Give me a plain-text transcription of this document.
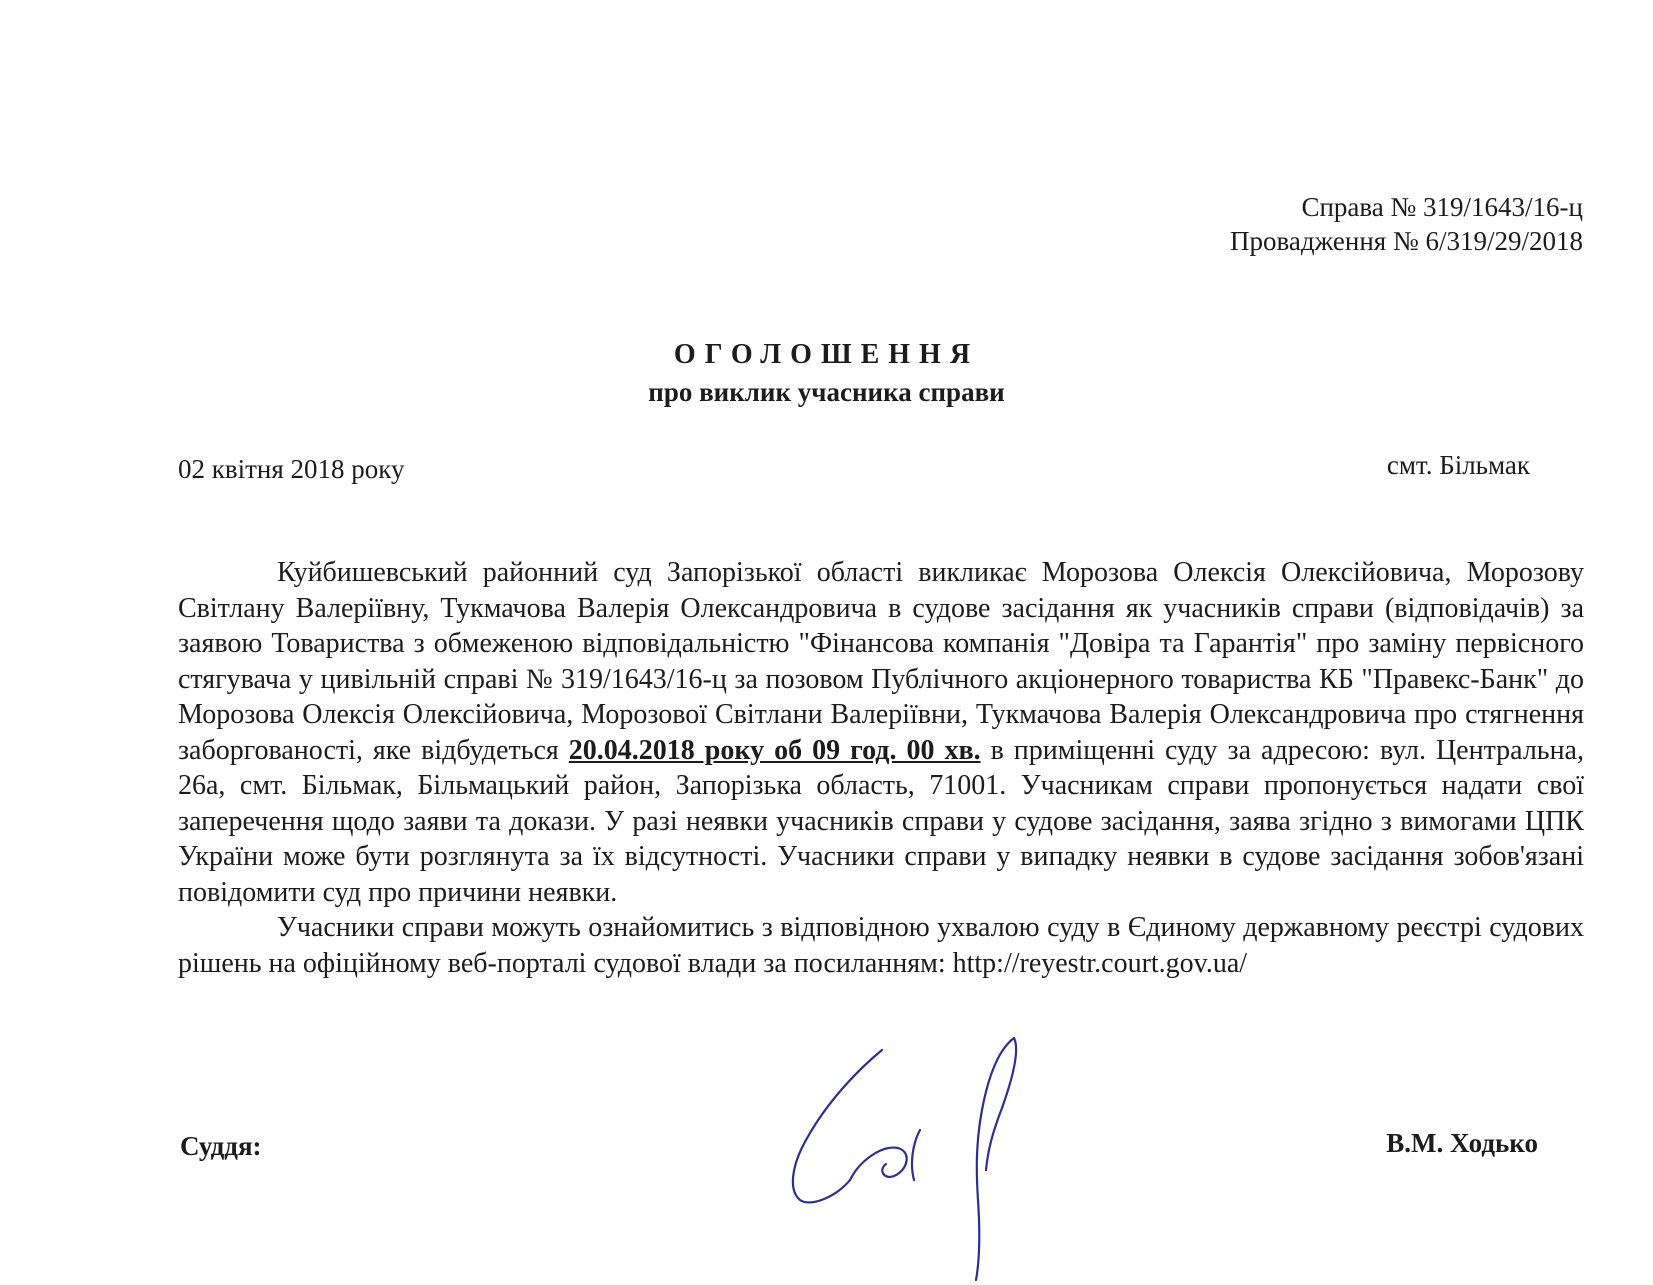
Справа № 319/1643/16-ц
Провадження № 6/319/29/2018
ОГОЛОШЕННЯ
про виклик учасника справи
02 квітня 2018 року	смт. Більмак

Куйбишевський районний суд Запорізької області викликає Морозова Олексія Олексійовича, Морозову Світлану Валеріївну, Тукмачова Валерія Олександровича в судове засідання як учасників справи (відповідачів) за заявою Товариства з обмеженою відповідальністю "Фінансова компанія "Довіра та Гарантія" про заміну первісного стягувача у цивільній справі № 319/1643/16-ц за позовом Публічного акціонерного товариства КБ "Правекс-Банк" до Морозова Олексія Олексійовича, Морозової Світлани Валеріївни, Тукмачова Валерія Олександровича про стягнення заборгованості, яке відбудеться 20.04.2018 року об 09 год. 00 хв. в приміщенні суду за адресою: вул. Центральна, 26а, смт. Більмак, Більмацький район, Запорізька область, 71001. Учасникам справи пропонується надати свої заперечення щодо заяви та докази. У разі неявки учасників справи у судове засідання, заява згідно з вимогами ЦПК України може бути розглянута за їх відсутності. Учасники справи у випадку неявки в судове засідання зобов'язані повідомити суд про причини неявки.

Учасники справи можуть ознайомитись з відповідною ухвалою суду в Єдиному державному реєстрі судових рішень на офіційному веб-порталі судової влади за посиланням: http://reyestr.court.gov.ua/

Суддя:	В.М. Ходько
